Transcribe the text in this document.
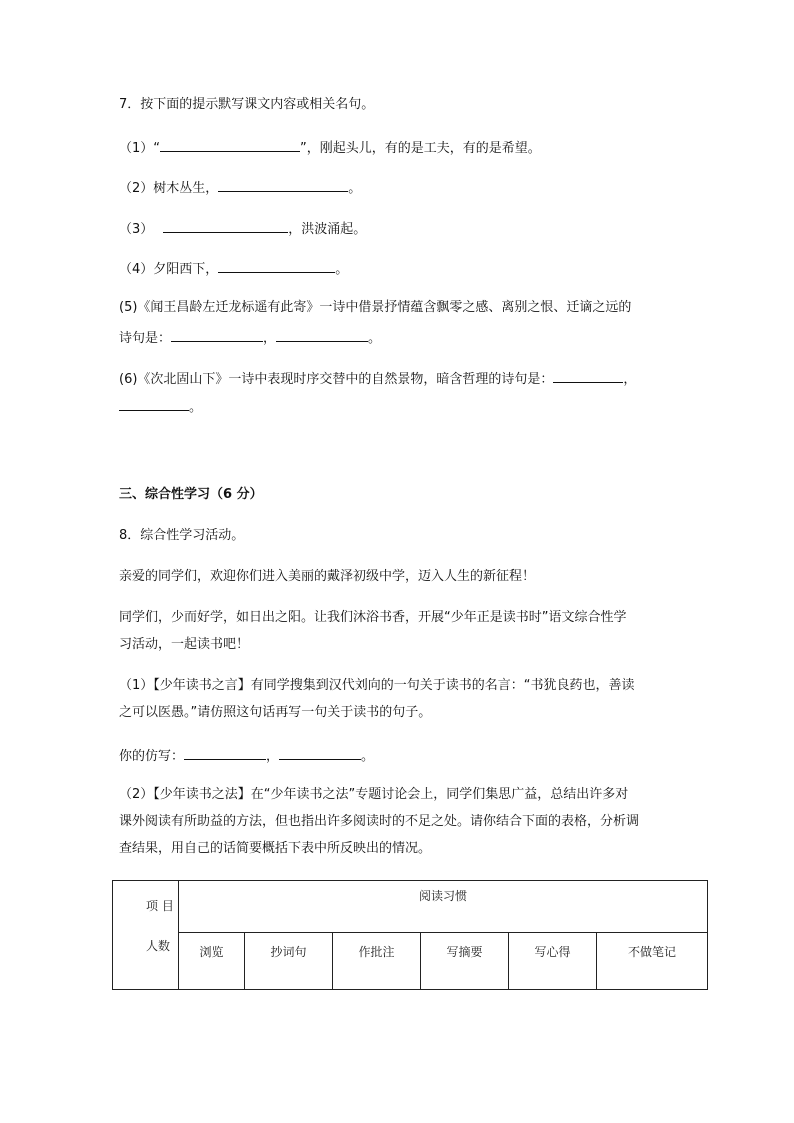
7．按下面的提示默写课文内容或相关名句。
（1）“	”，刚起头儿，有的是工夫，有的是希望。
（2）树木丛生，	。
（3）	，洪波涌起。
（4）夕阳西下，	。
(5)《闻王昌龄左迁龙标遥有此寄》一诗中借景抒情蕴含飘零之感、离别之恨、迁谪之远的
诗句是：	，	。
(6)《次北固山下》一诗中表现时序交替中的自然景物，暗含哲理的诗句是：	，
。
三、综合性学习（6 分）
8．综合性学习活动。
亲爱的同学们，欢迎你们进入美丽的戴泽初级中学，迈入人生的新征程！
同学们，少而好学，如日出之阳。让我们沐浴书香，开展“少年正是读书时”语文综合性学
习活动，一起读书吧！
（1）【少年读书之言】有同学搜集到汉代刘向的一句关于读书的名言：“书犹良药也，善读
之可以医愚。”请仿照这句话再写一句关于读书的句子。
你的仿写：	，	。
（2）【少年读书之法】在“少年读书之法”专题讨论会上，同学们集思广益，总结出许多对
课外阅读有所助益的方法，但也指出许多阅读时的不足之处。请你结合下面的表格，分析调
查结果，用自己的话简要概括下表中所反映出的情况。
项 目
人数	阅读习惯					
	浏览	抄词句	作批注	写摘要	写心得	不做笔记
